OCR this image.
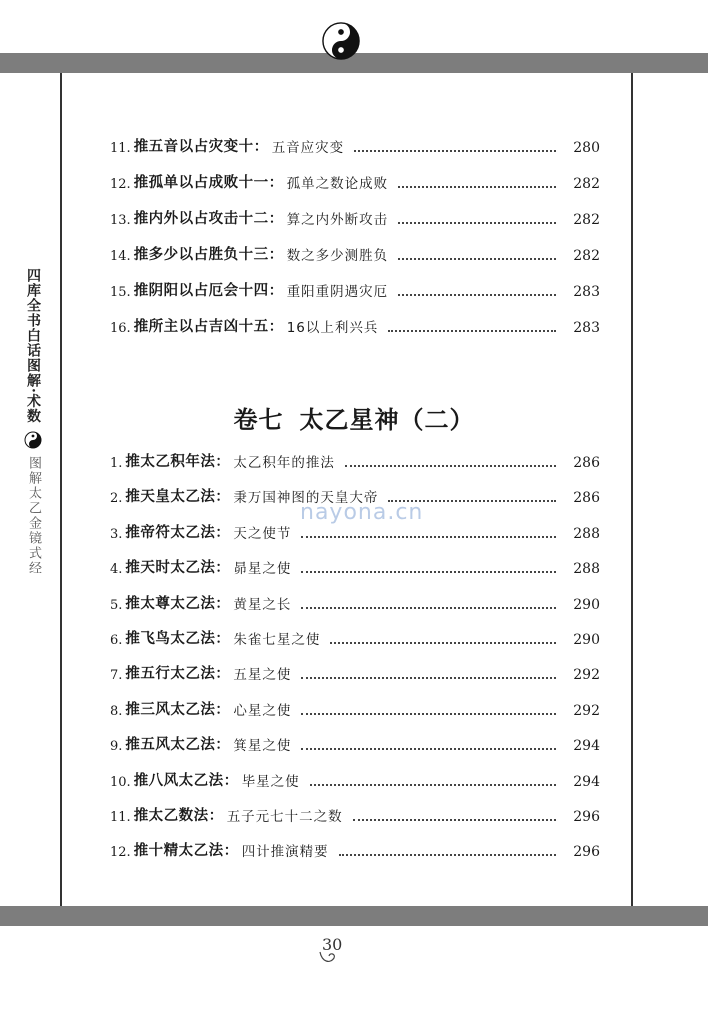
四库全书白话图解·术数
图解太乙金镜式经
11. 推五音以占灾变十 ： 五音应灾变	280
12. 推孤单以占成败十一 ： 孤单之数论成败	282
13. 推内外以占攻击十二 ： 算之内外断攻击	282
14. 推多少以占胜负十三 ： 数之多少测胜负	282
15. 推阴阳以占厄会十四 ： 重阳重阴遇灾厄	283
16. 推所主以占吉凶十五 ： 16以上利兴兵	283
卷七 太乙星神（二）
1. 推太乙积年法 ： 太乙积年的推法	286
2. 推天皇太乙法 ： 秉万国神图的天皇大帝	286
3. 推帝符太乙法 ： 天之使节	288
4. 推天时太乙法 ： 昴星之使	288
5. 推太尊太乙法 ： 黄星之长	290
6. 推飞鸟太乙法 ： 朱雀七星之使	290
7. 推五行太乙法 ： 五星之使	292
8. 推三风太乙法 ： 心星之使	292
9. 推五风太乙法 ： 箕星之使	294
10. 推八风太乙法 ： 毕星之使	294
11. 推太乙数法 ： 五子元七十二之数	296
12. 推十精太乙法 ： 四计推演精要	296
nayona.cn
30
